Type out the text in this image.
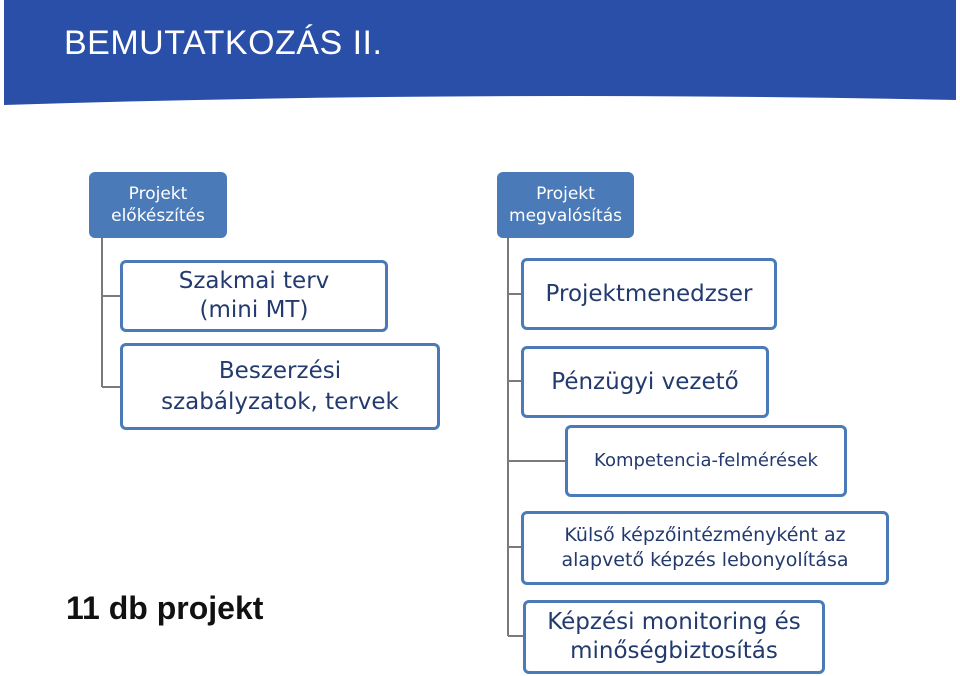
BEMUTATKOZÁS II.
Projekt
előkészítés
Szakmai terv
(mini MT)
Beszerzési
szabályzatok, tervek
Projekt
megvalósítás
Projektmenedzser
Pénzügyi vezető
Kompetencia-felmérések
Külső képzőintézményként az
alapvető képzés lebonyolítása
Képzési monitoring és
minőségbiztosítás
11 db projekt
